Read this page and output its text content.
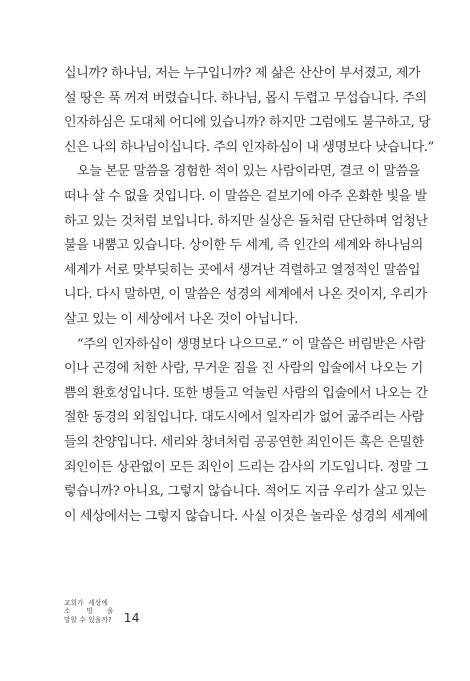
십니까? 하나님, 저는 누구입니까? 제 삶은 산산이 부서졌고, 제가
설 땅은 푹 꺼져 버렸습니다. 하나님, 몹시 두렵고 무섭습니다. 주의
인자하심은 도대체 어디에 있습니까? 하지만 그럼에도 불구하고, 당
신은 나의 하나님이십니다. 주의 인자하심이 내 생명보다 낫습니다.”
오늘 본문 말씀을 경험한 적이 있는 사람이라면, 결코 이 말씀을
떠나 살 수 없을 것입니다. 이 말씀은 겉보기에 아주 온화한 빛을 발
하고 있는 것처럼 보입니다. 하지만 실상은 돌처럼 단단하며 엄청난
불을 내뿜고 있습니다. 상이한 두 세계, 즉 인간의 세계와 하나님의
세계가 서로 맞부딪히는 곳에서 생겨난 격렬하고 열정적인 말씀입
니다. 다시 말하면, 이 말씀은 성경의 세계에서 나온 것이지, 우리가
살고 있는 이 세상에서 나온 것이 아닙니다.
“주의 인자하심이 생명보다 나으므로.” 이 말씀은 버림받은 사람
이나 곤경에 처한 사람, 무거운 짐을 진 사람의 입술에서 나오는 기
쁨의 환호성입니다. 또한 병들고 억눌린 사람의 입술에서 나오는 간
절한 동경의 외침입니다. 대도시에서 일자리가 없어 굶주리는 사람
들의 찬양입니다. 세리와 창녀처럼 공공연한 죄인이든 혹은 은밀한
죄인이든 상관없이 모든 죄인이 드리는 감사의 기도입니다. 정말 그
렇습니까? 아니요, 그렇지 않습니다. 적어도 지금 우리가 살고 있는
이 세상에서는 그렇지 않습니다. 사실 이것은 놀라운 성경의 세계에
교회가  세상에
소       망      을
말할 수 있을까? 14
